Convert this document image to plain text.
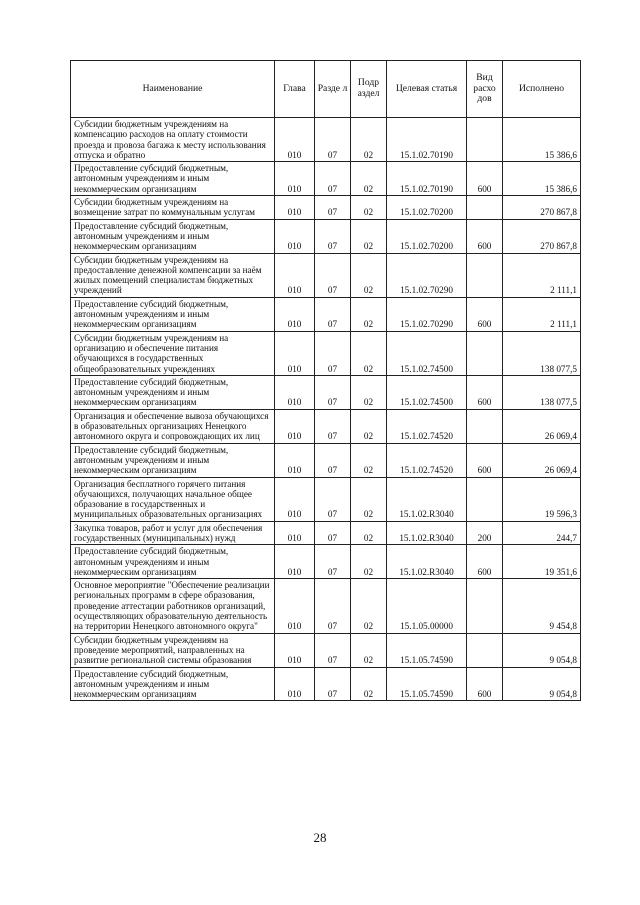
Наименование	Глава	Разде л	Подр аздел	Целевая статья	Вид расхо дов	Исполнено
Субсидии бюджетным учреждениям на компенсацию расходов на оплату стоимости проезда и провоза багажа к месту использования отпуска и обратно	010	07	02	15.1.02.70190		15 386,6
Предоставление субсидий бюджетным, автономным учреждениям и иным некоммерческим организациям	010	07	02	15.1.02.70190	600	15 386,6
Субсидии бюджетным учреждениям на возмещение затрат по коммунальным услугам	010	07	02	15.1.02.70200		270 867,8
Предоставление субсидий бюджетным, автономным учреждениям и иным некоммерческим организациям	010	07	02	15.1.02.70200	600	270 867,8
Субсидии бюджетным учреждениям на предоставление денежной компенсации за наём жилых помещений специалистам бюджетных учреждений	010	07	02	15.1.02.70290		2 111,1
Предоставление субсидий бюджетным, автономным учреждениям и иным некоммерческим организациям	010	07	02	15.1.02.70290	600	2 111,1
Субсидии бюджетным учреждениям на организацию и обеспечение питания обучающихся в государственных общеобразовательных учреждениях	010	07	02	15.1.02.74500		138 077,5
Предоставление субсидий бюджетным, автономным учреждениям и иным некоммерческим организациям	010	07	02	15.1.02.74500	600	138 077,5
Организация и обеспечение вывоза обучающихся в образовательных организациях Ненецкого автономного округа и сопровождающих их лиц	010	07	02	15.1.02.74520		26 069,4
Предоставление субсидий бюджетным, автономным учреждениям и иным некоммерческим организациям	010	07	02	15.1.02.74520	600	26 069,4
Организация бесплатного горячего питания обучающихся, получающих начальное общее образование в государственных и муниципальных образовательных организациях	010	07	02	15.1.02.R3040		19 596,3
Закупка товаров, работ и услуг для обеспечения государственных (муниципальных) нужд	010	07	02	15.1.02.R3040	200	244,7
Предоставление субсидий бюджетным, автономным учреждениям и иным некоммерческим организациям	010	07	02	15.1.02.R3040	600	19 351,6
Основное мероприятие "Обеспечение реализации региональных программ в сфере образования, проведение аттестации работников организаций, осуществляющих образовательную деятельность на территории Ненецкого автономного округа"	010	07	02	15.1.05.00000		9 454,8
Субсидии бюджетным учреждениям на проведение мероприятий, направленных на развитие региональной системы образования	010	07	02	15.1.05.74590		9 054,8
Предоставление субсидий бюджетным, автономным учреждениям и иным некоммерческим организациям	010	07	02	15.1.05.74590	600	9 054,8
28
